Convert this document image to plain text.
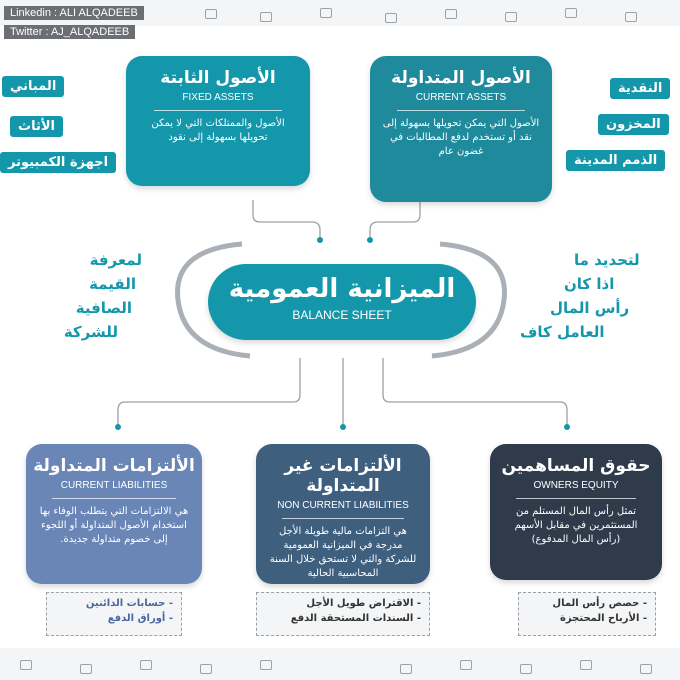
Linkedin : ALI ALQADEEB
Twitter : AJ_ALQADEEB
الأصول الثابتة
FIXED ASSETS
الأصول والممتلكات التي لا يمكن تحويلها بسهولة إلى نقود
الأصول المتداولة
CURRENT ASSETS
الأصول التي يمكن تحويلها بسهولة إلى نقد أو تستخدم لدفع المطالبات في غضون عام
المباني
الأثاث
اجهزة الكمبيوتر
النقدية
المخزون
الذمم المدينة
لمعرفة
القيمة
الصافية
للشركة
لتحديد ما
اذا كان
رأس المال
العامل كاف
الميزانية العمومية
BALANCE SHEET
الألتزامات المتداولة
CURRENT LIABILITIES
هي الالتزامات التي يتطلب الوفاء بها استخدام الأصول المتداولة أو اللجوء إلى خصوم متداولة جديدة.
الألتزامات غير المتداولة
NON CURRENT LIABILITIES
هي التزامات مالية طويلة الأجل مدرجة في الميزانية العمومية للشركة والتي لا تستحق خلال السنة المحاسبية الحالية
حقوق المساهمين
OWNERS EQUITY
تمثل رأس المال المستلم من المستثمرين في مقابل الأسهم (رأس المال المدفوع)
- حسابات الدائنين
- أوراق الدفع
- الاقتراض طويل الأجل
- السندات المستحقة الدفع
- حصص رأس المال
- الأرباح المحتجزة
